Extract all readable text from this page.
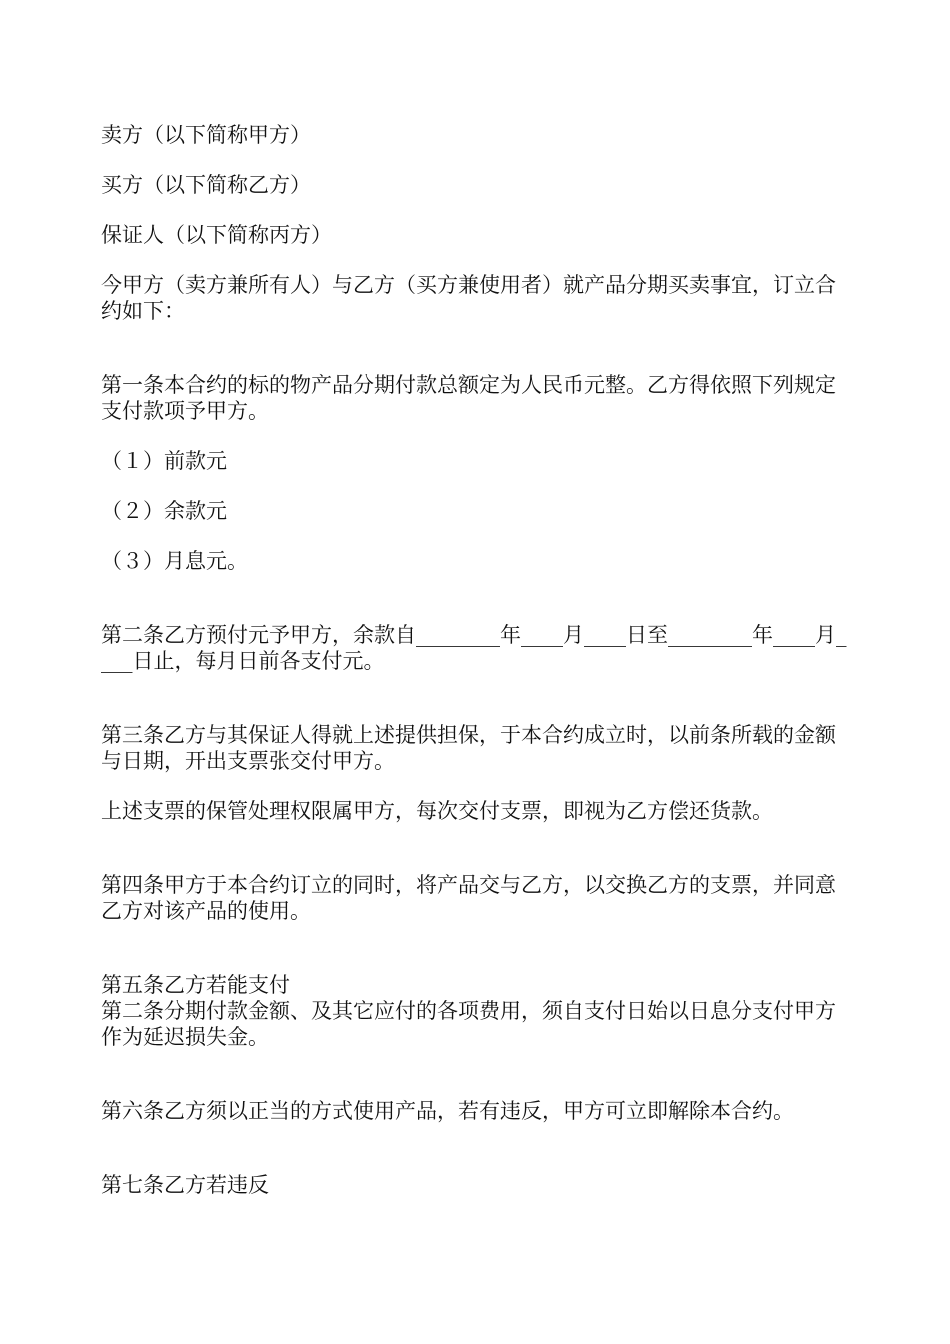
卖方（以下简称甲方）

买方（以下简称乙方）

保证人（以下简称丙方）

今甲方（卖方兼所有人）与乙方（买方兼使用者）就产品分期买卖事宜，订立合约如下：

第一条本合约的标的物产品分期付款总额定为人民币元整。乙方得依照下列规定支付款项予甲方。

（１）前款元

（２）余款元

（３）月息元。

第二条乙方预付元予甲方，余款自________年____月____日至________年____月____日止，每月日前各支付元。

第三条乙方与其保证人得就上述提供担保，于本合约成立时，以前条所载的金额与日期，开出支票张交付甲方。

上述支票的保管处理权限属甲方，每次交付支票，即视为乙方偿还货款。

第四条甲方于本合约订立的同时，将产品交与乙方，以交换乙方的支票，并同意乙方对该产品的使用。

第五条乙方若能支付

第二条分期付款金额、及其它应付的各项费用，须自支付日始以日息分支付甲方作为延迟损失金。

第六条乙方须以正当的方式使用产品，若有违反，甲方可立即解除本合约。

第七条乙方若违反
